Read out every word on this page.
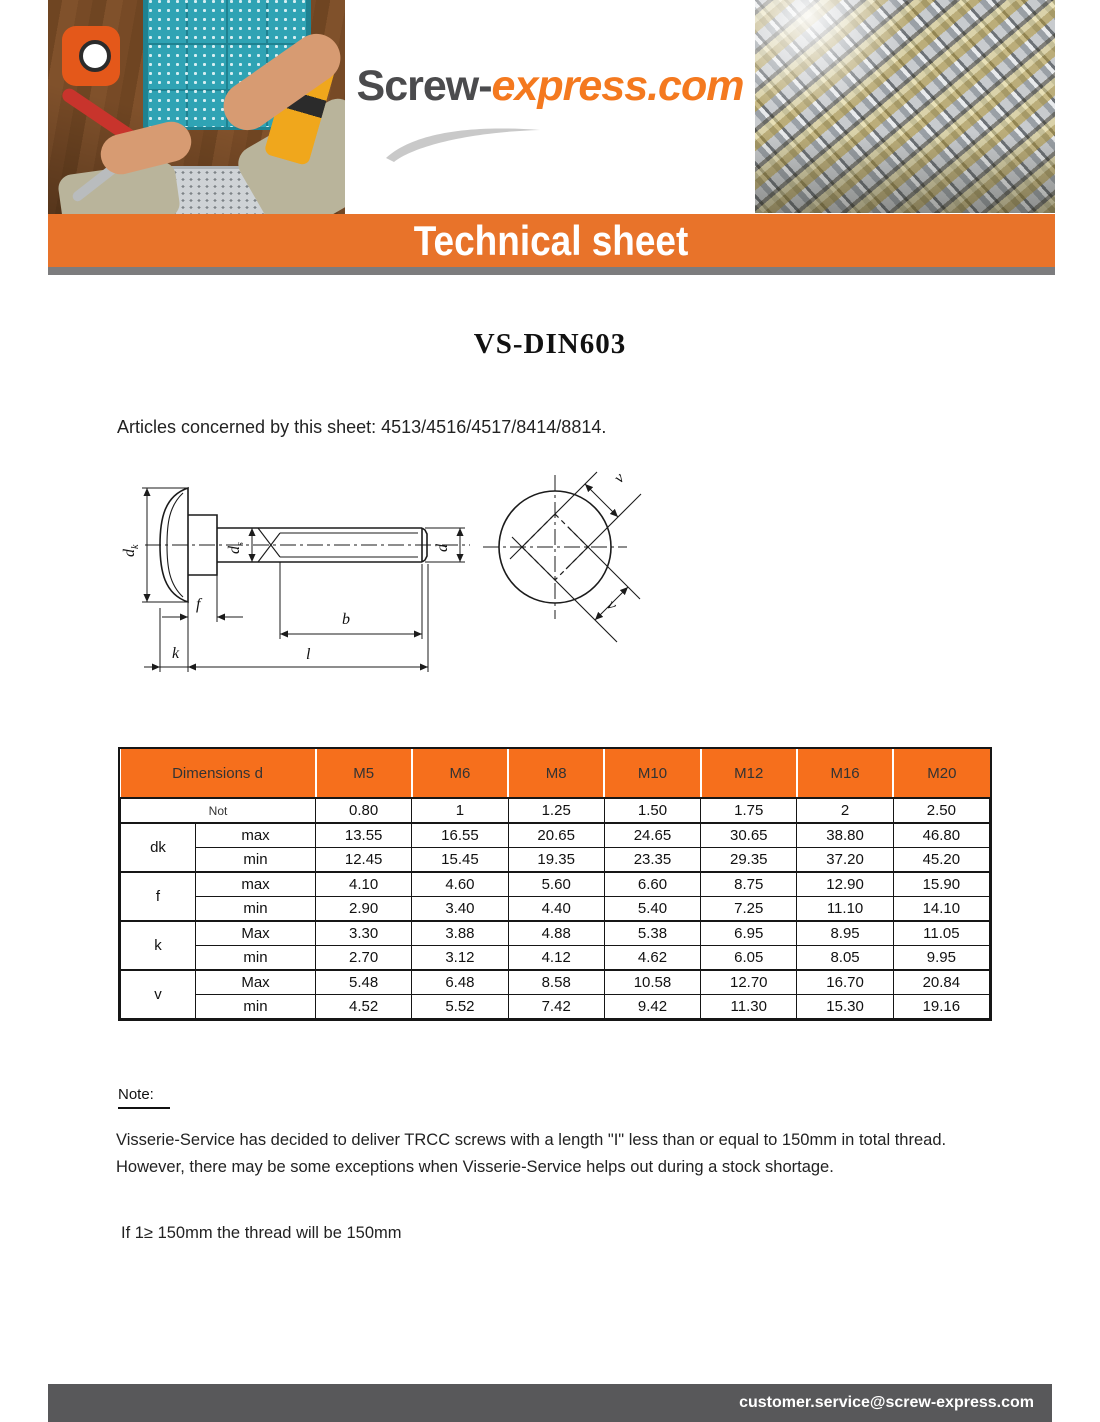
Screw-express.com
Technical sheet
VS-DIN603

Articles concerned by this sheet: 4513/4516/4517/8414/8814.

$d_k$	$d_s$	d
f
k	l
b
v
v
Dimensions d		M5	M6	M8	M10	M12	M16	M20
Not		0.80	1	1.25	1.50	1.75	2	2.50
dk	max	13.55	16.55	20.65	24.65	30.65	38.80	46.80
	min	12.45	15.45	19.35	23.35	29.35	37.20	45.20
f	max	4.10	4.60	5.60	6.60	8.75	12.90	15.90
	min	2.90	3.40	4.40	5.40	7.25	11.10	14.10
k	Max	3.30	3.88	4.88	5.38	6.95	8.95	11.05
	min	2.70	3.12	4.12	4.62	6.05	8.05	9.95
v	Max	5.48	6.48	8.58	10.58	12.70	16.70	20.84
	min	4.52	5.52	7.42	9.42	11.30	15.30	19.16
Note:

Visserie-Service has decided to deliver TRCC screws with a length "I" less than or equal to 150mm in total thread. However, there may be some exceptions when Visserie-Service helps out during a stock shortage.

If 1≥ 150mm the thread will be 150mm

customer.service@screw-express.com
